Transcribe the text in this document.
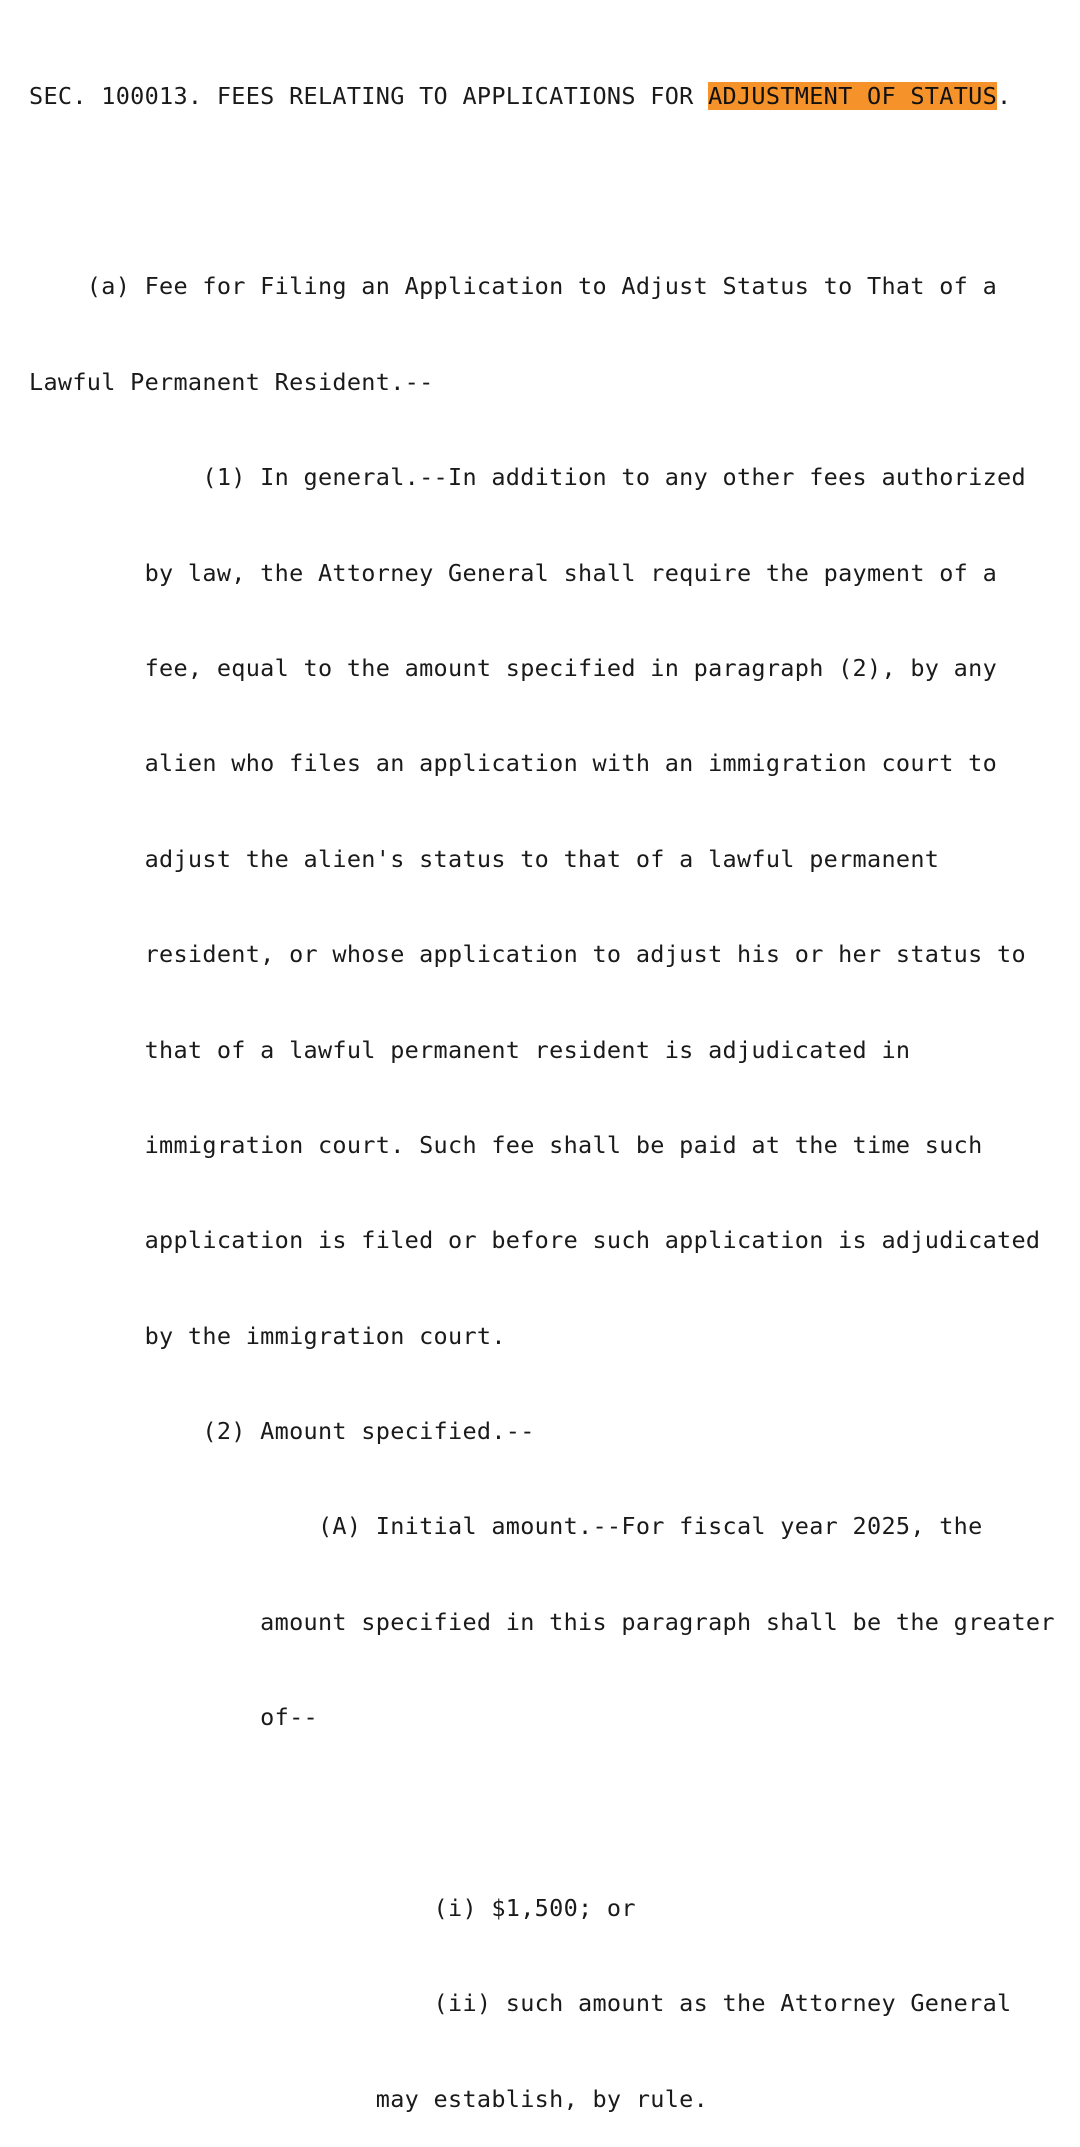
SEC. 100013. FEES RELATING TO APPLICATIONS FOR ADJUSTMENT OF STATUS.

(a) Fee for Filing an Application to Adjust Status to That of a

Lawful Permanent Resident.--

(1) In general.--In addition to any other fees authorized

by law, the Attorney General shall require the payment of a

fee, equal to the amount specified in paragraph (2), by any

alien who files an application with an immigration court to

adjust the alien's status to that of a lawful permanent

resident, or whose application to adjust his or her status to

that of a lawful permanent resident is adjudicated in

immigration court. Such fee shall be paid at the time such

application is filed or before such application is adjudicated

by the immigration court.

(2) Amount specified.--

(A) Initial amount.--For fiscal year 2025, the

amount specified in this paragraph shall be the greater

of--

(i) $1,500; or

(ii) such amount as the Attorney General

may establish, by rule.
